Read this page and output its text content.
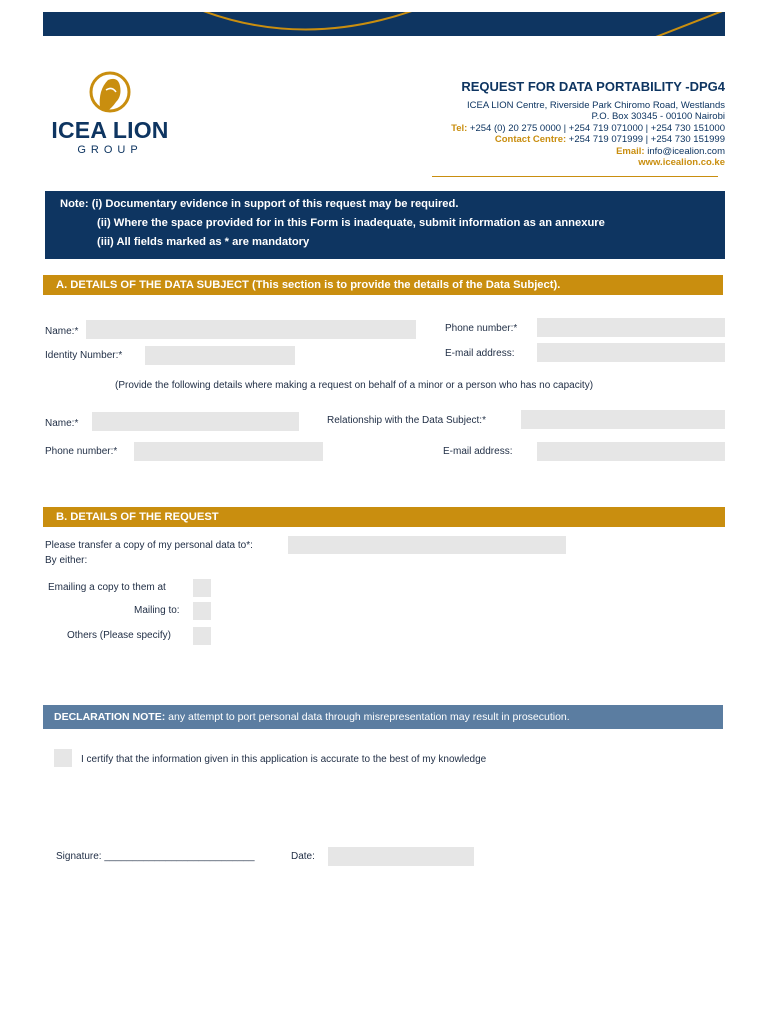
ICEA LION
GROUP
REQUEST FOR DATA PORTABILITY -DPG4
ICEA LION Centre, Riverside Park Chiromo Road, Westlands
P.O. Box 30345 - 00100 Nairobi
Tel: +254 (0) 20 275 0000 | +254 719 071000 | +254 730 151000
Contact Centre: +254 719 071999 | +254 730 151999
Email: info@icealion.com
www.icealion.co.ke
Note: (i) Documentary evidence in support of this request may be required.
(ii) Where the space provided for in this Form is inadequate, submit information as an annexure
(iii) All fields marked as * are mandatory
A. DETAILS OF THE DATA SUBJECT (This section is to provide the details of the Data Subject).
Name:*	Phone number:*
Identity Number:*	E-mail address:
(Provide the following details where making a request on behalf of a minor or a person who has no capacity)
Name:*	Relationship with the Data Subject:*
Phone number:*	E-mail address:
B. DETAILS OF THE REQUEST
Please transfer a copy of my personal data to*:
By either:
Emailing a copy to them at
Mailing to:
Others (Please specify)
DECLARATION NOTE: any attempt to port personal data through misrepresentation may result in prosecution.
I certify that the information given in this application is accurate to the best of my knowledge
Signature: ___________________________	Date:
